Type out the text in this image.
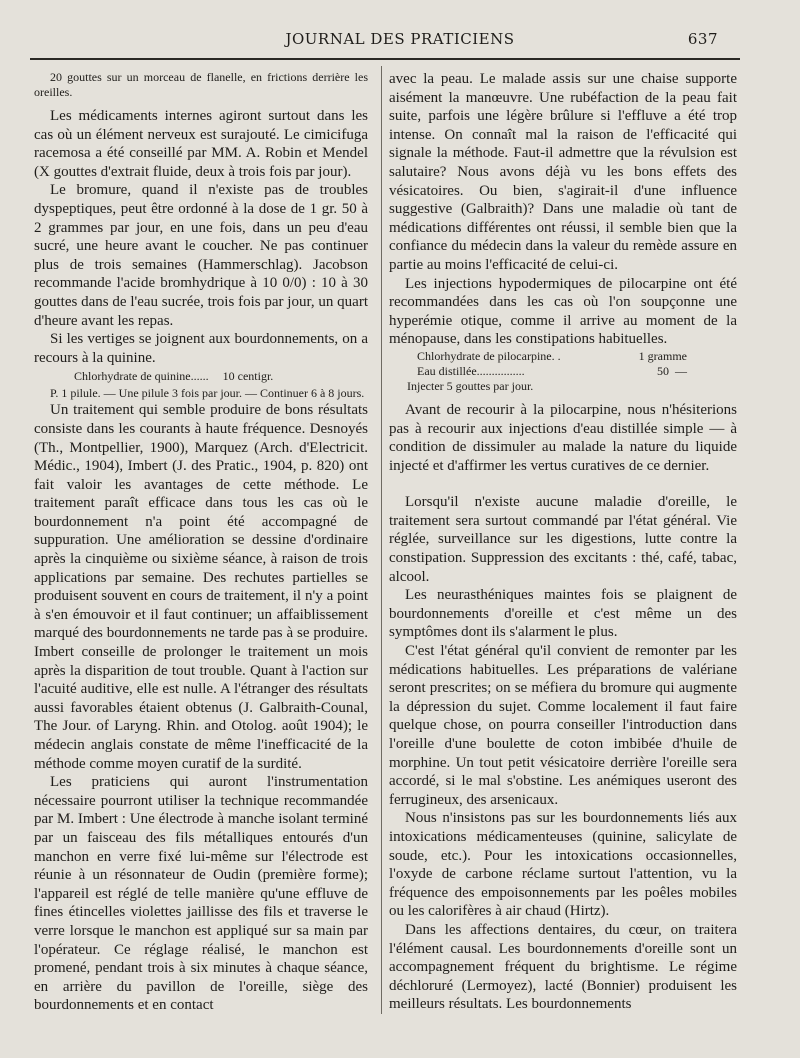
JOURNAL DES PRATICIENS	637

20 gouttes sur un morceau de flanelle, en frictions derrière les oreilles.

Les médicaments internes agiront surtout dans les cas où un élément nerveux est surajouté. Le cimicifuga racemosa a été conseillé par MM. A. Robin et Mendel (X gouttes d'extrait fluide, deux à trois fois par jour).

Le bromure, quand il n'existe pas de troubles dyspeptiques, peut être ordonné à la dose de 1 gr. 50 à 2 grammes par jour, en une fois, dans un peu d'eau sucré, une heure avant le coucher. Ne pas continuer plus de trois semaines (Hammerschlag). Jacobson recommande l'acide bromhydrique à 10 0/0) : 10 à 30 gouttes dans de l'eau sucrée, trois fois par jour, un quart d'heure avant les repas.

Si les vertiges se joignent aux bourdonnements, on a recours à la quinine.

Chlorhydrate de quinine......	10 centigr.

P. 1 pilule. — Une pilule 3 fois par jour. — Continuer 6 à 8 jours.

Un traitement qui semble produire de bons résultats consiste dans les courants à haute fréquence. Desnoyés (Th., Montpellier, 1900), Marquez (Arch. d'Electricit. Médic., 1904), Imbert (J. des Pratic., 1904, p. 820) ont fait valoir les avantages de cette méthode. Le traitement paraît efficace dans tous les cas où le bourdonnement n'a point été accompagné de suppuration. Une amélioration se dessine d'ordinaire après la cinquième ou sixième séance, à raison de trois applications par semaine. Des rechutes partielles se produisent souvent en cours de traitement, il n'y a point à s'en émouvoir et il faut continuer; un affaiblissement marqué des bourdonnements ne tarde pas à se produire. Imbert conseille de prolonger le traitement un mois après la disparition de tout trouble. Quant à l'action sur l'acuité auditive, elle est nulle. A l'étranger des résultats aussi favorables étaient obtenus (J. Galbraith-Counal, The Jour. of Laryng. Rhin. and Otolog. août 1904); le médecin anglais constate de même l'inefficacité de la méthode comme moyen curatif de la surdité.

Les praticiens qui auront l'instrumentation nécessaire pourront utiliser la technique recommandée par M. Imbert : Une électrode à manche isolant terminé par un faisceau des fils métalliques entourés d'un manchon en verre fixé lui-même sur l'électrode est réunie à un résonnateur de Oudin (première forme); l'appareil est réglé de telle manière qu'une effluve de fines étincelles violettes jaillisse des fils et traverse le verre lorsque le manchon est appliqué sur sa main par l'opérateur. Ce réglage réalisé, le manchon est promené, pendant trois à six minutes à chaque séance, en arrière du pavillon de l'oreille, siège des bourdonnements et en contact

avec la peau. Le malade assis sur une chaise supporte aisément la manœuvre. Une rubéfaction de la peau fait suite, parfois une légère brûlure si l'effluve a été trop intense. On connaît mal la raison de l'efficacité qui signale la méthode. Faut-il admettre que la révulsion est salutaire? Nous avons déjà vu les bons effets des vésicatoires. Ou bien, s'agirait-il d'une influence suggestive (Galbraith)? Dans une maladie où tant de médications différentes ont réussi, il semble bien que la confiance du médecin dans la valeur du remède assure en partie au moins l'efficacité de celui-ci.

Les injections hypodermiques de pilocarpine ont été recommandées dans les cas où l'on soupçonne une hyperémie otique, comme il arrive au moment de la ménopause, dans les constipations habituelles.

Chlorhydrate de pilocarpine. .	1 gramme
Eau distillée................	50  —

Injecter 5 gouttes par jour.

Avant de recourir à la pilocarpine, nous n'hésiterions pas à recourir aux injections d'eau distillée simple — à condition de dissimuler au malade la nature du liquide injecté et d'affirmer les vertus curatives de ce dernier.

Lorsqu'il n'existe aucune maladie d'oreille, le traitement sera surtout commandé par l'état général. Vie réglée, surveillance sur les digestions, lutte contre la constipation. Suppression des excitants : thé, café, tabac, alcool.

Les neurasthéniques maintes fois se plaignent de bourdonnements d'oreille et c'est même un des symptômes dont ils s'alarment le plus.

C'est l'état général qu'il convient de remonter par les médications habituelles. Les préparations de valériane seront prescrites; on se méfiera du bromure qui augmente la dépression du sujet. Comme localement il faut faire quelque chose, on pourra conseiller l'introduction dans l'oreille d'une boulette de coton imbibée d'huile de morphine. Un tout petit vésicatoire derrière l'oreille sera accordé, si le mal s'obstine. Les anémiques useront des ferrugineux, des arsenicaux.

Nous n'insistons pas sur les bourdonnements liés aux intoxications médicamenteuses (quinine, salicylate de soude, etc.). Pour les intoxications occasionnelles, l'oxyde de carbone réclame surtout l'attention, vu la fréquence des empoisonnements par les poêles mobiles ou les calorifères à air chaud (Hirtz).

Dans les affections dentaires, du cœur, on traitera l'élément causal. Les bourdonnements d'oreille sont un accompagnement fréquent du brightisme. Le régime déchloruré (Lermoyez), lacté (Bonnier) produisent les meilleurs résultats. Les bourdonnements
